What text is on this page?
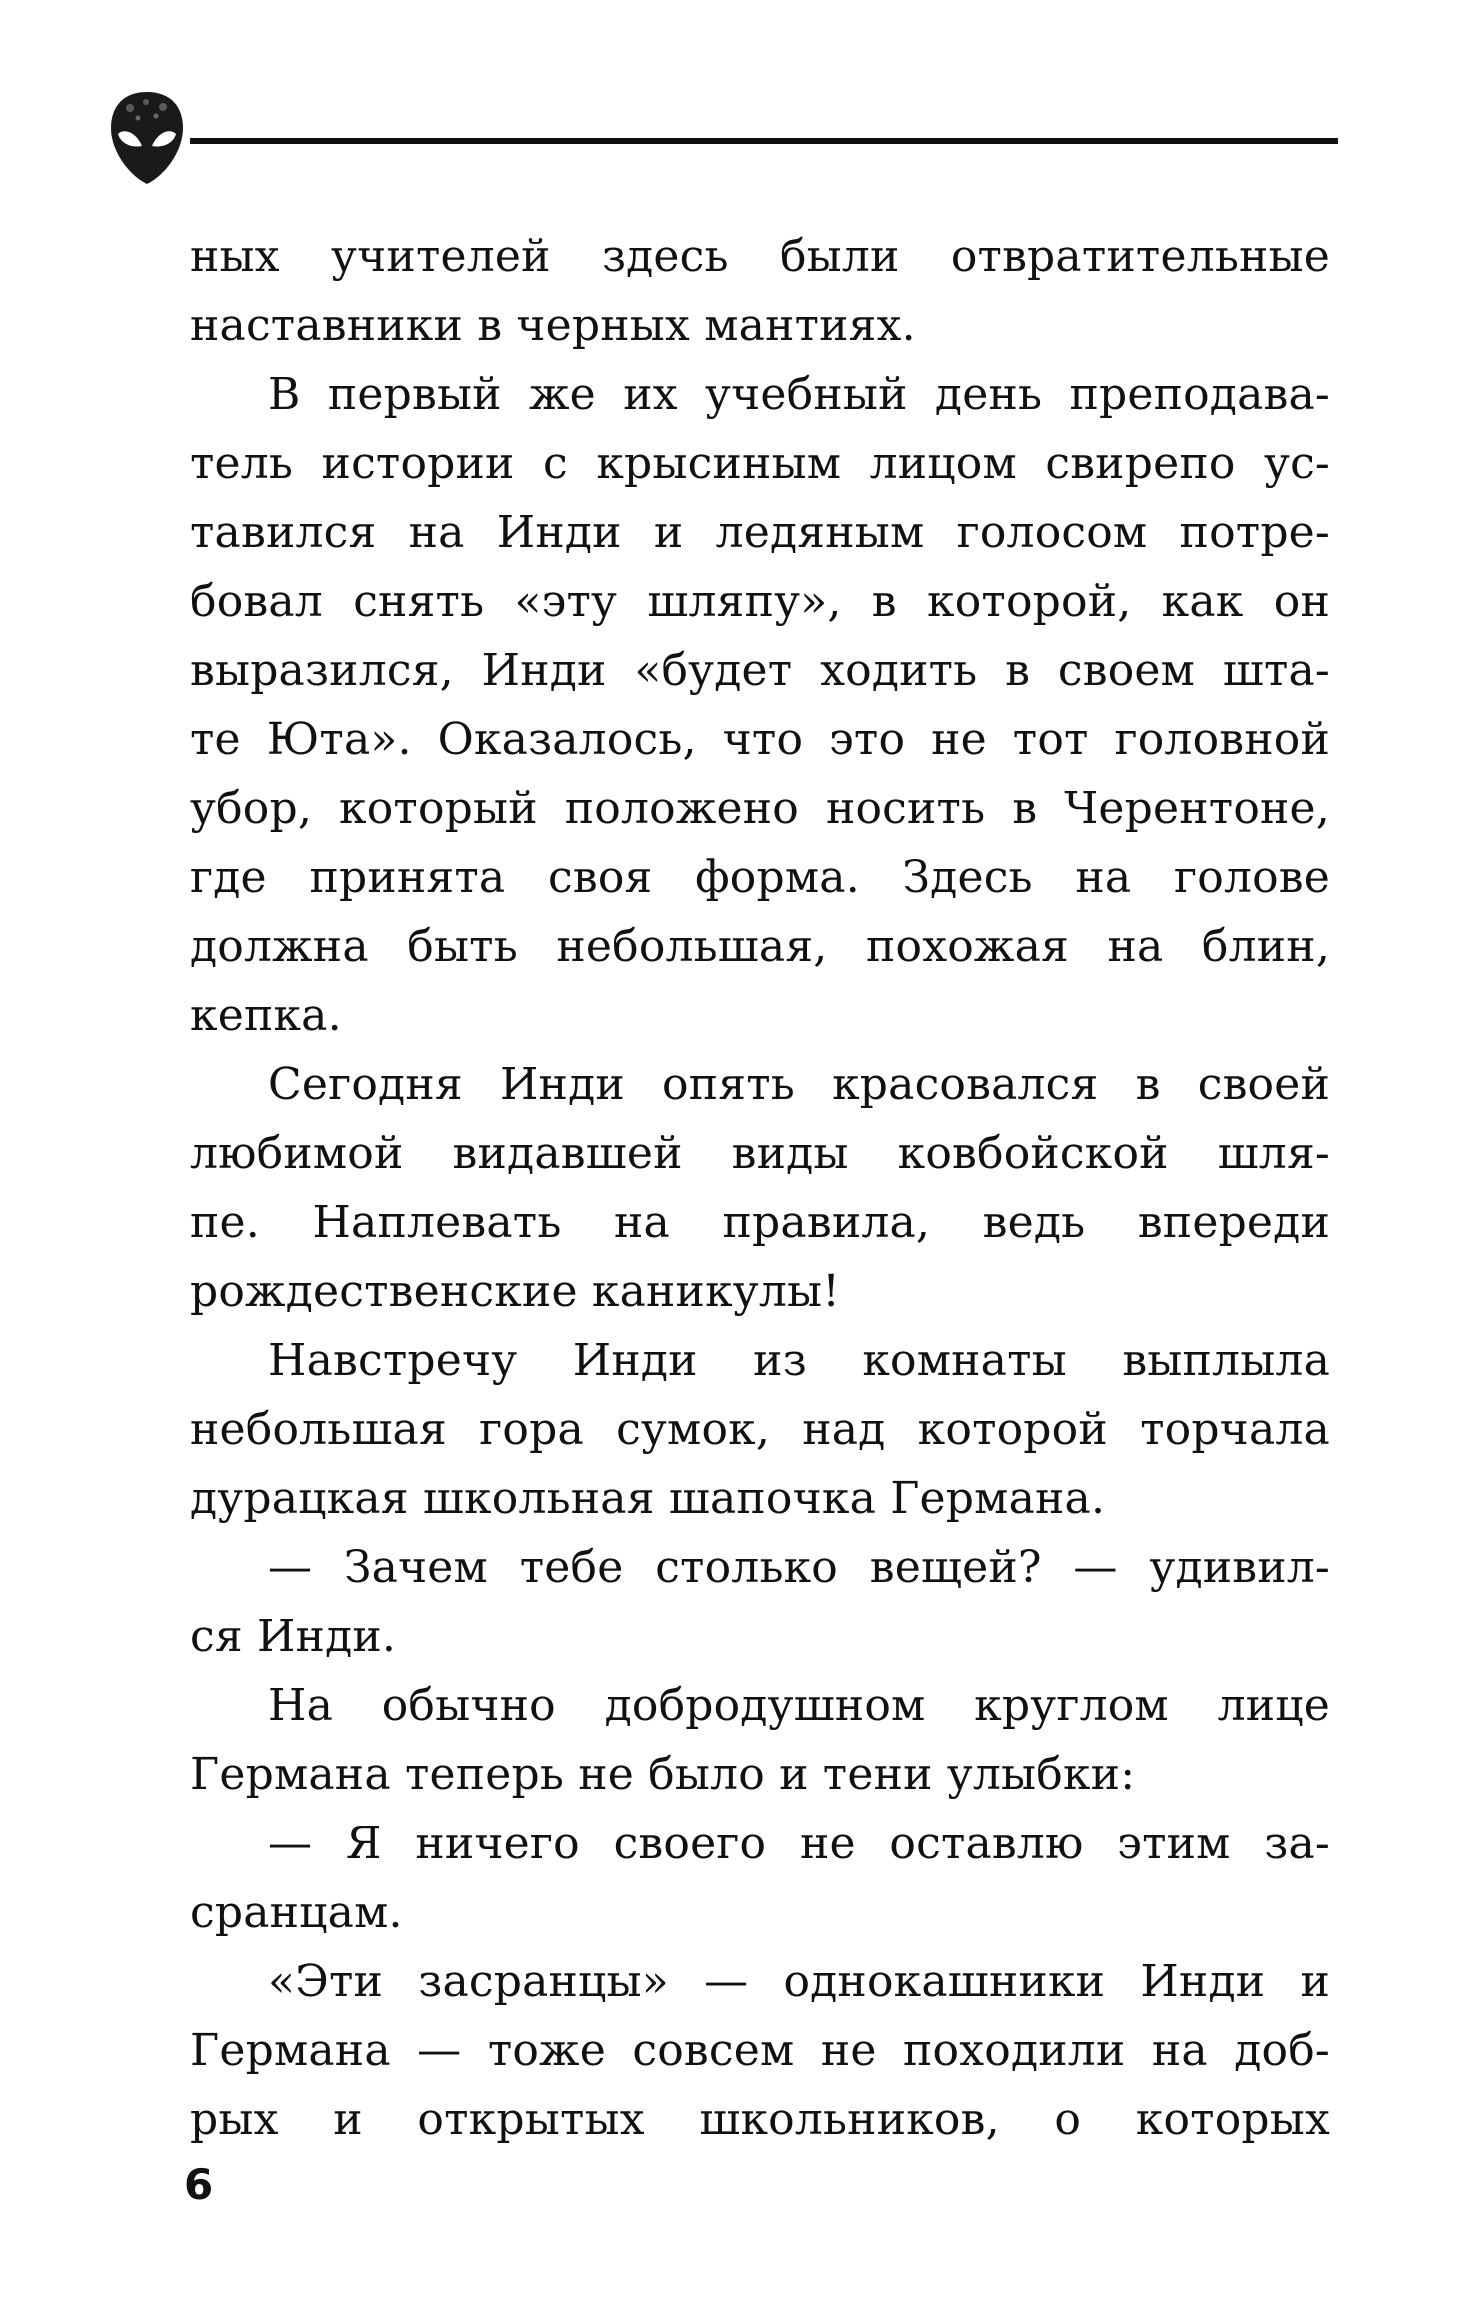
ных учителей здесь были отвратительные
наставники в черных мантиях.
В первый же их учебный день преподава-
тель истории с крысиным лицом свирепо ус-
тавился на Инди и ледяным голосом потре-
бовал снять «эту шляпу», в которой, как он
выразился, Инди «будет ходить в своем шта-
те Юта». Оказалось, что это не тот головной
убор, который положено носить в Черентоне,
где принята своя форма. Здесь на голове
должна быть небольшая, похожая на блин,
кепка.
Сегодня Инди опять красовался в своей
любимой видавшей виды ковбойской шля-
пе. Наплевать на правила, ведь впереди
рождественские каникулы!
Навстречу Инди из комнаты выплыла
небольшая гора сумок, над которой торчала
дурацкая школьная шапочка Германа.
— Зачем тебе столько вещей? — удивил-
ся Инди.
На обычно добродушном круглом лице
Германа теперь не было и тени улыбки:
— Я ничего своего не оставлю этим за-
сранцам.
«Эти засранцы» — однокашники Инди и
Германа — тоже совсем не походили на доб-
рых и открытых школьников, о которых
6
